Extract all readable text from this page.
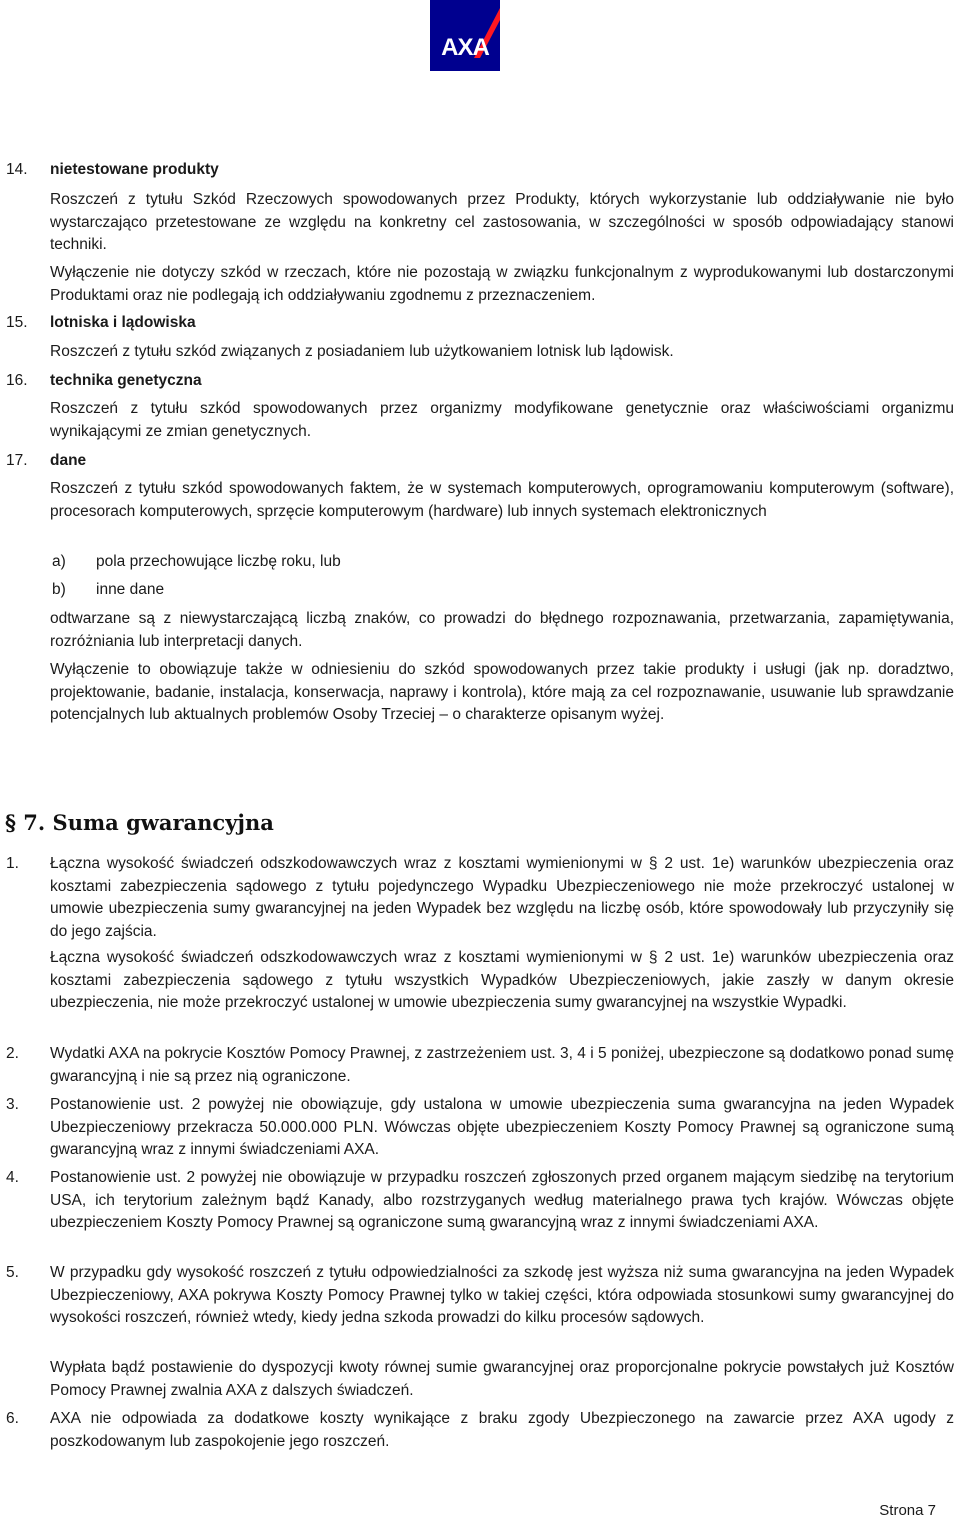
AXA
14. nietestowane produkty

Roszczeń z tytułu Szkód Rzeczowych spowodowanych przez Produkty, których wykorzystanie lub oddziaływanie nie było wystarczająco przetestowane ze względu na konkretny cel zastosowania, w szczególności w sposób odpowiadający stanowi techniki.

Wyłączenie nie dotyczy szkód w rzeczach, które nie pozostają w związku funkcjonalnym z wyprodukowanymi lub dostarczonymi Produktami oraz nie podlegają ich oddziaływaniu zgodnemu z przeznaczeniem.

15. lotniska i lądowiska

Roszczeń z tytułu szkód związanych z posiadaniem lub użytkowaniem lotnisk lub lądowisk.

16. technika genetyczna

Roszczeń z tytułu szkód spowodowanych przez organizmy modyfikowane genetycznie oraz właściwościami organizmu wynikającymi ze zmian genetycznych.

17. dane

Roszczeń z tytułu szkód spowodowanych faktem, że w systemach komputerowych, oprogramowaniu komputerowym (software), procesorach komputerowych, sprzęcie komputerowym (hardware) lub innych systemach elektronicznych

a) pola przechowujące liczbę roku, lub
b) inne dane

odtwarzane są z niewystarczającą liczbą znaków, co prowadzi do błędnego rozpoznawania, przetwarzania, zapamiętywania, rozróżniania lub interpretacji danych.

Wyłączenie to obowiązuje także w odniesieniu do szkód spowodowanych przez takie produkty i usługi (jak np. doradztwo, projektowanie, badanie, instalacja, konserwacja, naprawy i kontrola), które mają za cel rozpoznawanie, usuwanie lub sprawdzanie potencjalnych lub aktualnych problemów Osoby Trzeciej – o charakterze opisanym wyżej.

§ 7. Suma gwarancyjna
1. Łączna wysokość świadczeń odszkodowawczych wraz z kosztami wymienionymi w § 2 ust. 1e) warunków ubezpieczenia oraz kosztami zabezpieczenia sądowego z tytułu pojedynczego Wypadku Ubezpieczeniowego nie może przekroczyć ustalonej w umowie ubezpieczenia sumy gwarancyjnej na jeden Wypadek bez względu na liczbę osób, które spowodowały lub przyczyniły się do jego zajścia.

Łączna wysokość świadczeń odszkodowawczych wraz z kosztami wymienionymi w § 2 ust. 1e) warunków ubezpieczenia oraz kosztami zabezpieczenia sądowego z tytułu wszystkich Wypadków Ubezpieczeniowych, jakie zaszły w danym okresie ubezpieczenia, nie może przekroczyć ustalonej w umowie ubezpieczenia sumy gwarancyjnej na wszystkie Wypadki.

2. Wydatki AXA na pokrycie Kosztów Pomocy Prawnej, z zastrzeżeniem ust. 3, 4 i 5 poniżej, ubezpieczone są dodatkowo ponad sumę gwarancyjną i nie są przez nią ograniczone.

3. Postanowienie ust. 2 powyżej nie obowiązuje, gdy ustalona w umowie ubezpieczenia suma gwarancyjna na jeden Wypadek Ubezpieczeniowy przekracza 50.000.000 PLN. Wówczas objęte ubezpieczeniem Koszty Pomocy Prawnej są ograniczone sumą gwarancyjną wraz z innymi świadczeniami AXA.

4. Postanowienie ust. 2 powyżej nie obowiązuje w przypadku roszczeń zgłoszonych przed organem mającym siedzibę na terytorium USA, ich terytorium zależnym bądź Kanady, albo rozstrzyganych według materialnego prawa tych krajów. Wówczas objęte ubezpieczeniem Koszty Pomocy Prawnej są ograniczone sumą gwarancyjną wraz z innymi świadczeniami AXA.

5. W przypadku gdy wysokość roszczeń z tytułu odpowiedzialności za szkodę jest wyższa niż suma gwarancyjna na jeden Wypadek Ubezpieczeniowy, AXA pokrywa Koszty Pomocy Prawnej tylko w takiej części, która odpowiada stosunkowi sumy gwarancyjnej do wysokości roszczeń, również wtedy, kiedy jedna szkoda prowadzi do kilku procesów sądowych.

Wypłata bądź postawienie do dyspozycji kwoty równej sumie gwarancyjnej oraz proporcjonalne pokrycie powstałych już Kosztów Pomocy Prawnej zwalnia AXA z dalszych świadczeń.

6. AXA nie odpowiada za dodatkowe koszty wynikające z braku zgody Ubezpieczonego na zawarcie przez AXA ugody z poszkodowanym lub zaspokojenie jego roszczeń.

Strona 7
